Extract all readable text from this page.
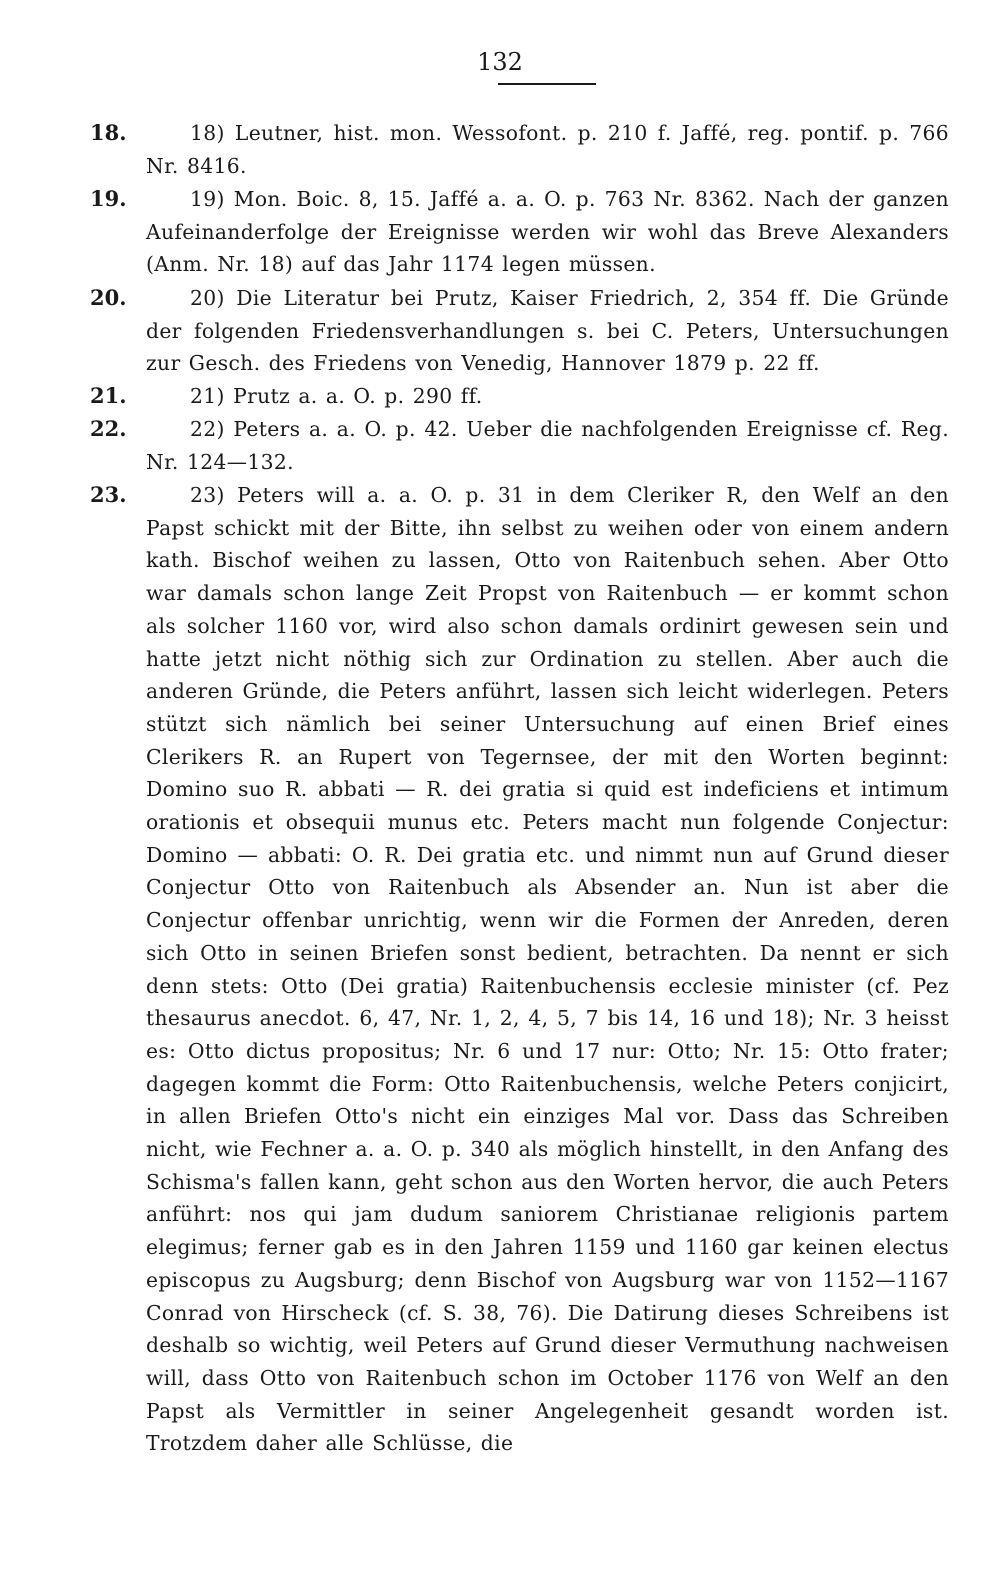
132
18.	18) Leutner, hist. mon. Wessofont. p. 210 f. Jaffé, reg. pontif. p. 766 Nr. 8416.

19.	19) Mon. Boic. 8, 15. Jaffé a. a. O. p. 763 Nr. 8362. Nach der ganzen Aufeinanderfolge der Ereignisse werden wir wohl das Breve Alexanders (Anm. Nr. 18) auf das Jahr 1174 legen müssen.

20.	20) Die Literatur bei Prutz, Kaiser Friedrich, 2, 354 ff. Die Gründe der folgenden Friedensverhandlungen s. bei C. Peters, Untersuchungen zur Gesch. des Friedens von Venedig, Hannover 1879 p. 22 ff.

21.	21) Prutz a. a. O. p. 290 ff.

22.	22) Peters a. a. O. p. 42. Ueber die nachfolgenden Ereignisse cf. Reg. Nr. 124—132.

23.	23) Peters will a. a. O. p. 31 in dem Cleriker R, den Welf an den Papst schickt mit der Bitte, ihn selbst zu weihen oder von einem andern kath. Bischof weihen zu lassen, Otto von Raitenbuch sehen. Aber Otto war damals schon lange Zeit Propst von Raitenbuch — er kommt schon als solcher 1160 vor, wird also schon damals ordinirt gewesen sein und hatte jetzt nicht nöthig sich zur Ordination zu stellen. Aber auch die anderen Gründe, die Peters anführt, lassen sich leicht widerlegen. Peters stützt sich nämlich bei seiner Untersuchung auf einen Brief eines Clerikers R. an Rupert von Tegernsee, der mit den Worten beginnt: Domino suo R. abbati — R. dei gratia si quid est indeficiens et intimum orationis et obsequii munus etc. Peters macht nun folgende Conjectur: Domino — abbati: O. R. Dei gratia etc. und nimmt nun auf Grund dieser Conjectur Otto von Raitenbuch als Absender an. Nun ist aber die Conjectur offenbar unrichtig, wenn wir die Formen der Anreden, deren sich Otto in seinen Briefen sonst bedient, betrachten. Da nennt er sich denn stets: Otto (Dei gratia) Raitenbuchensis ecclesie minister (cf. Pez thesaurus anecdot. 6, 47, Nr. 1, 2, 4, 5, 7 bis 14, 16 und 18); Nr. 3 heisst es: Otto dictus propositus; Nr. 6 und 17 nur: Otto; Nr. 15: Otto frater; dagegen kommt die Form: Otto Raitenbuchensis, welche Peters conjicirt, in allen Briefen Otto's nicht ein einziges Mal vor. Dass das Schreiben nicht, wie Fechner a. a. O. p. 340 als möglich hinstellt, in den Anfang des Schisma's fallen kann, geht schon aus den Worten hervor, die auch Peters anführt: nos qui jam dudum saniorem Christianae religionis partem elegimus; ferner gab es in den Jahren 1159 und 1160 gar keinen electus episcopus zu Augsburg; denn Bischof von Augsburg war von 1152—1167 Conrad von Hirscheck (cf. S. 38, 76). Die Datirung dieses Schreibens ist deshalb so wichtig, weil Peters auf Grund dieser Vermuthung nachweisen will, dass Otto von Raitenbuch schon im October 1176 von Welf an den Papst als Vermittler in seiner Angelegenheit gesandt worden ist. Trotzdem daher alle Schlüsse, die
